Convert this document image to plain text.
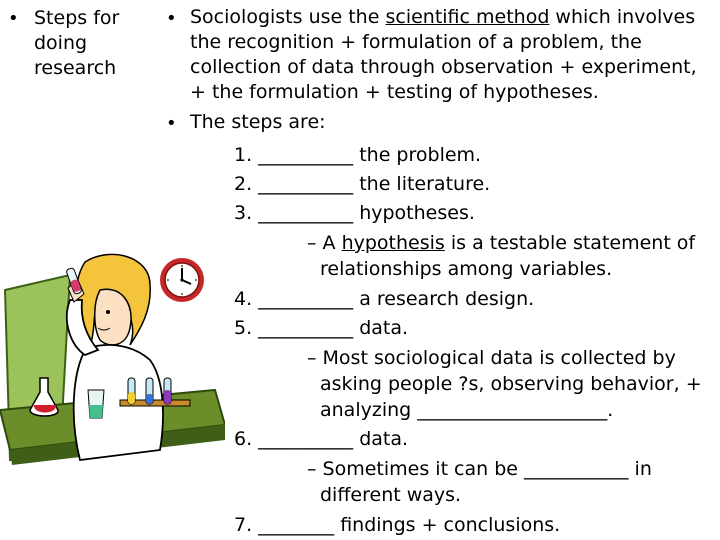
• Steps for
doing
research
• Sociologists use the scientific method which involves
the recognition + formulation of a problem, the
collection of data through observation + experiment,
+ the formulation + testing of hypotheses.
• The steps are:
1. __________ the problem.
2. __________ the literature.
3. __________ hypotheses.
– A hypothesis is a testable statement of
relationships among variables.
4. __________ a research design.
5. __________ data.
– Most sociological data is collected by
asking people ?s, observing behavior, +
analyzing ____________________.
6. __________ data.
– Sometimes it can be ___________ in
different ways.
7. ________ findings + conclusions.
